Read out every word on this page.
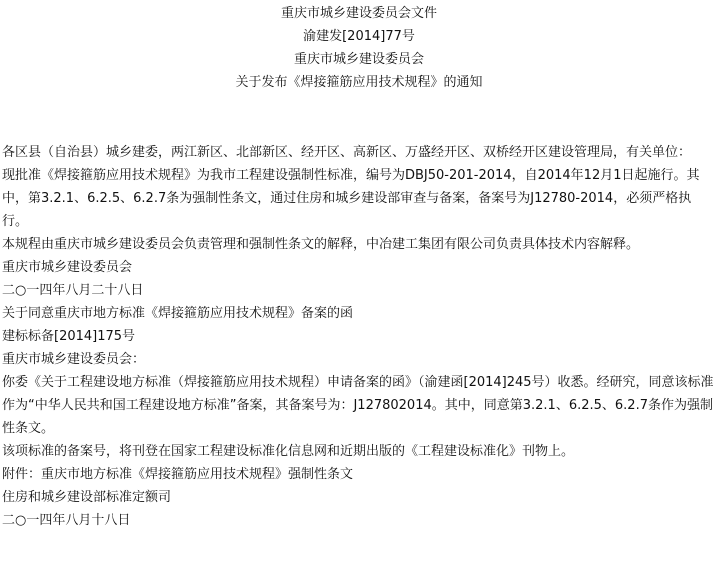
重庆市城乡建设委员会文件
渝建发[2014]77号
重庆市城乡建设委员会
关于发布《焊接箍筋应用技术规程》的通知

各区县（自治县）城乡建委，两江新区、北部新区、经开区、高新区、万盛经开区、双桥经开区建设管理局，有关单位：

现批准《焊接箍筋应用技术规程》为我市工程建设强制性标准，编号为DBJ50-201-2014，自2014年12月1日起施行。其中，第3.2.1、6.2.5、6.2.7条为强制性条文，通过住房和城乡建设部审查与备案，备案号为J12780-2014，必须严格执行。

本规程由重庆市城乡建设委员会负责管理和强制性条文的解释，中冶建工集团有限公司负责具体技术内容解释。

重庆市城乡建设委员会

二○一四年八月二十八日

关于同意重庆市地方标准《焊接箍筋应用技术规程》备案的函

建标标备[2014]175号

重庆市城乡建设委员会：

你委《关于工程建设地方标准（焊接箍筋应用技术规程）申请备案的函》（渝建函[2014]245号）收悉。经研究，同意该标准作为“中华人民共和国工程建设地方标准”备案，其备案号为：J127802014。其中，同意第3.2.1、6.2.5、6.2.7条作为强制性条文。

该项标准的备案号，将刊登在国家工程建设标准化信息网和近期出版的《工程建设标准化》刊物上。

附件：重庆市地方标准《焊接箍筋应用技术规程》强制性条文

住房和城乡建设部标准定额司

二○一四年八月十八日
